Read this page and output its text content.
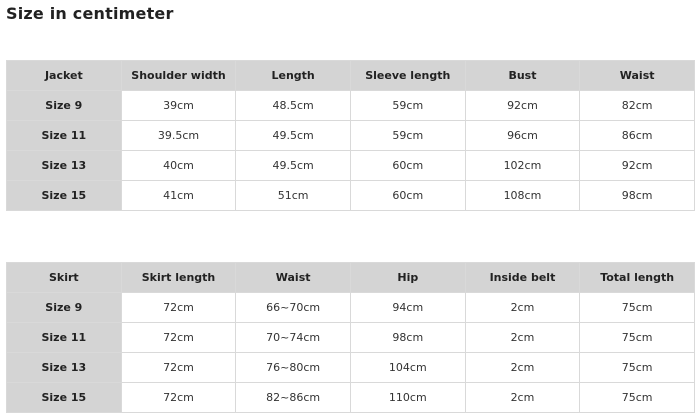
Size in centimeter
Jacket	Shoulder width	Length	Sleeve length	Bust	Waist
Size 9	39cm	48.5cm	59cm	92cm	82cm
Size 11	39.5cm	49.5cm	59cm	96cm	86cm
Size 13	40cm	49.5cm	60cm	102cm	92cm
Size 15	41cm	51cm	60cm	108cm	98cm
Skirt	Skirt length	Waist	Hip	Inside belt	Total length
Size 9	72cm	66~70cm	94cm	2cm	75cm
Size 11	72cm	70~74cm	98cm	2cm	75cm
Size 13	72cm	76~80cm	104cm	2cm	75cm
Size 15	72cm	82~86cm	110cm	2cm	75cm
